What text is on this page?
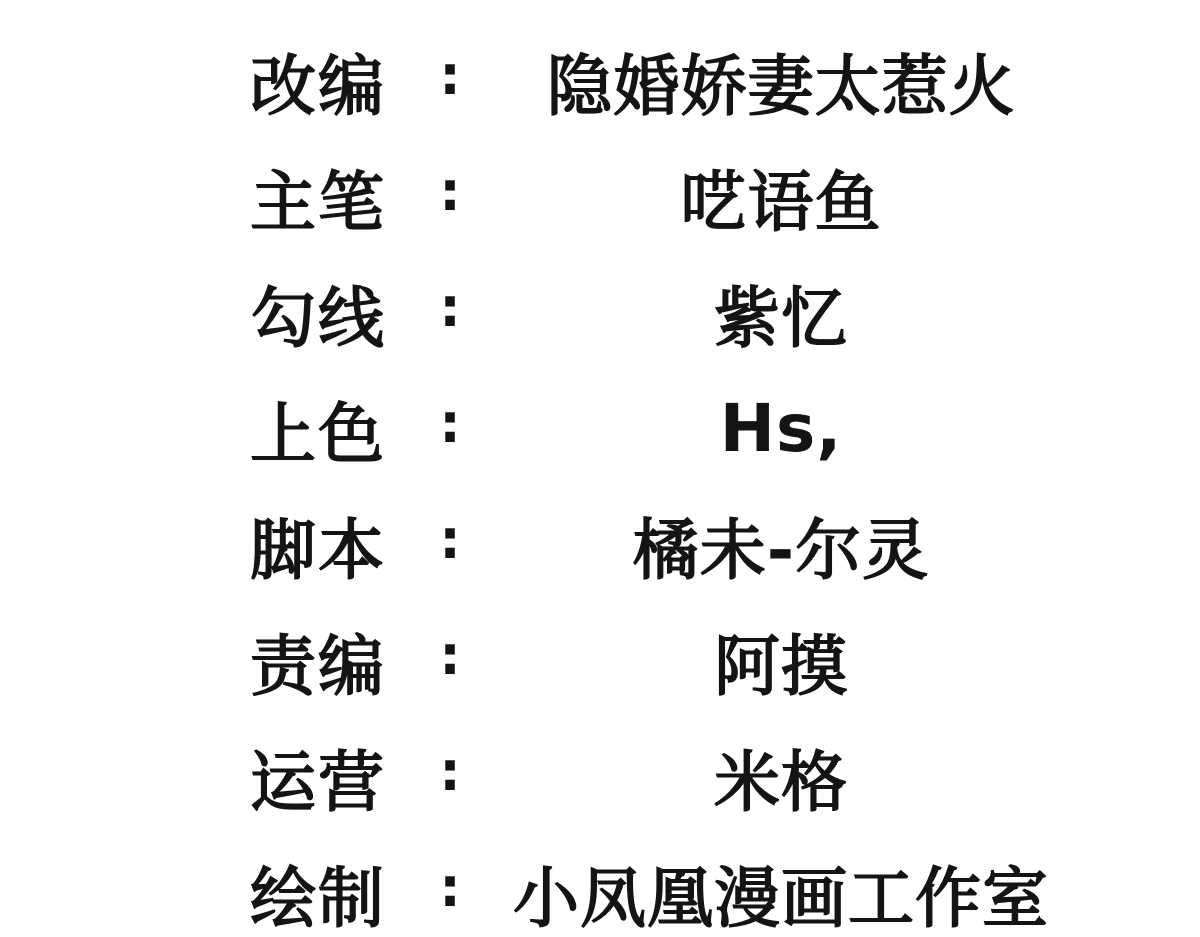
改编 :	隐婚娇妻太惹火
主笔 :	呓语鱼
勾线 :	紫忆
上色 :	Hs,
脚本 :	橘未-尔灵
责编 :	阿摸
运营 :	米格
绘制 : 小凤凰漫画工作室
